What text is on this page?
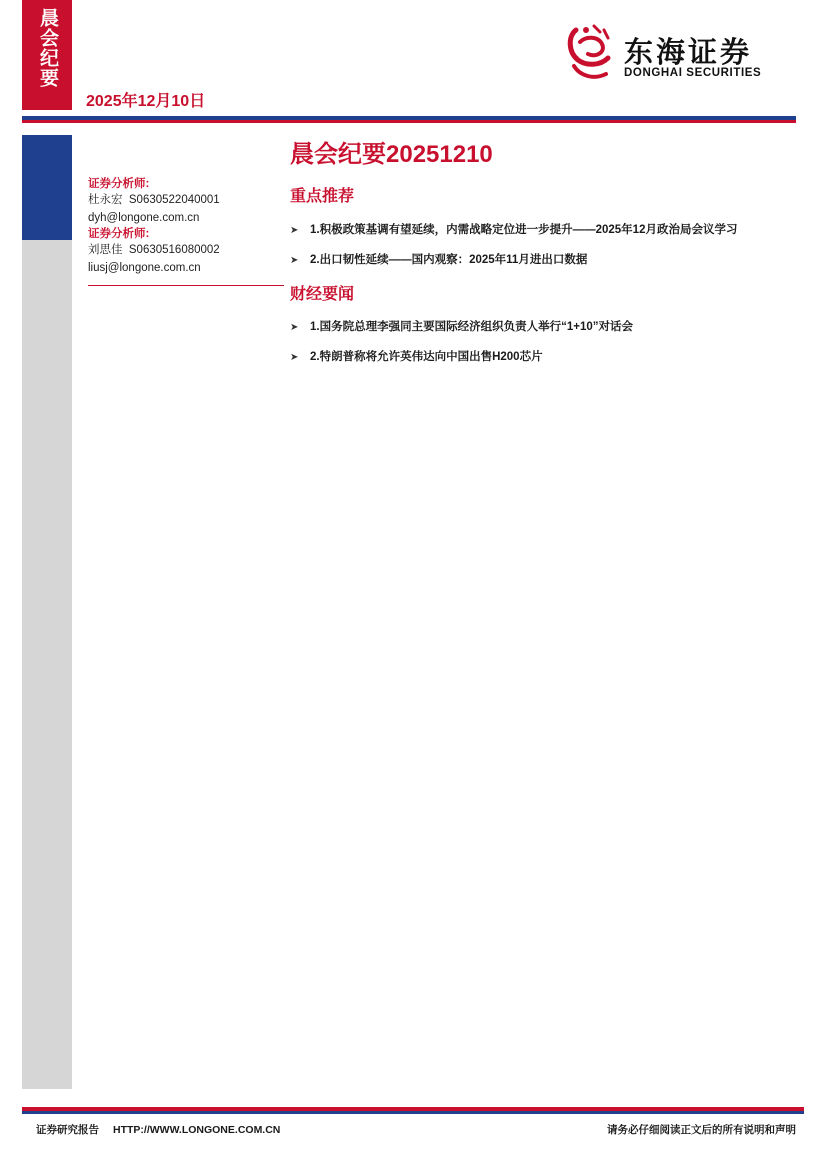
晨会纪要
2025年12月10日
东海证券
DONGHAI SECURITIES

证券分析师:

杜永宏  S0630522040001

dyh@longone.com.cn

证券分析师:

刘思佳  S0630516080002

liusj@longone.com.cn

晨会纪要20251210
重点推荐
➤ 1.积极政策基调有望延续，内需战略定位进一步提升——2025年12月政治局会议学习
➤ 2.出口韧性延续——国内观察：2025年11月进出口数据
财经要闻
➤ 1.国务院总理李强同主要国际经济组织负责人举行“1+10”对话会
➤ 2.特朗普称将允许英伟达向中国出售H200芯片
证券研究报告 HTTP://WWW.LONGONE.COM.CN	请务必仔细阅读正文后的所有说明和声明
